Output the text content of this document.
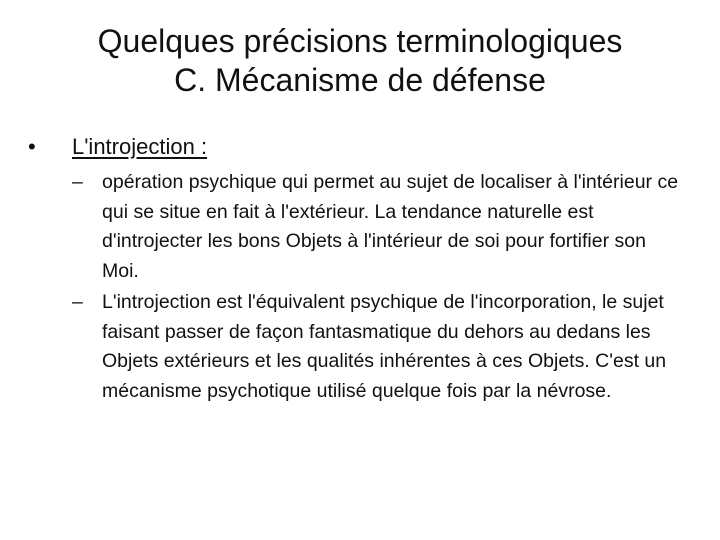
Quelques précisions terminologiques
C. Mécanisme de défense
•	L'introjection :
– opération psychique qui permet au sujet de localiser à l'intérieur ce qui se situe en fait à l'extérieur. La tendance naturelle est d'introjecter les bons Objets à l'intérieur de soi pour fortifier son Moi.
– L'introjection est l'équivalent psychique de l'incorporation, le sujet faisant passer de façon fantasmatique du dehors au dedans les Objets extérieurs et les qualités inhérentes à ces Objets. C'est un mécanisme psychotique utilisé quelque fois par la névrose.
